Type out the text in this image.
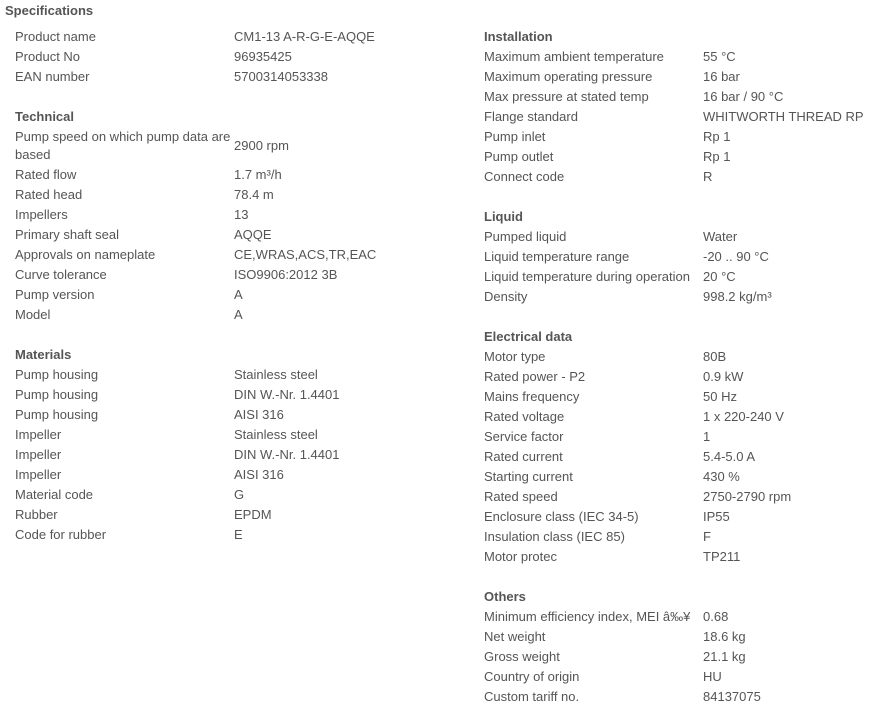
Specifications
Product name	CM1-13 A-R-G-E-AQQE
Product No	96935425
EAN number	5700314053338
Technical
Pump speed on which pump data are based	2900 rpm
Rated flow	1.7 m³/h
Rated head	78.4 m
Impellers	13
Primary shaft seal	AQQE
Approvals on nameplate	CE,WRAS,ACS,TR,EAC
Curve tolerance	ISO9906:2012 3B
Pump version	A
Model	A
Materials
Pump housing	Stainless steel
Pump housing	DIN W.-Nr. 1.4401
Pump housing	AISI 316
Impeller	Stainless steel
Impeller	DIN W.-Nr. 1.4401
Impeller	AISI 316
Material code	G
Rubber	EPDM
Code for rubber	E
Installation
Maximum ambient temperature	55 °C
Maximum operating pressure	16 bar
Max pressure at stated temp	16 bar / 90 °C
Flange standard	WHITWORTH THREAD RP
Pump inlet	Rp 1
Pump outlet	Rp 1
Connect code	R
Liquid
Pumped liquid	Water
Liquid temperature range	-20 .. 90 °C
Liquid temperature during operation	20 °C
Density	998.2 kg/m³
Electrical data
Motor type	80B
Rated power - P2	0.9 kW
Mains frequency	50 Hz
Rated voltage	1 x 220-240 V
Service factor	1
Rated current	5.4-5.0 A
Starting current	430 %
Rated speed	2750-2790 rpm
Enclosure class (IEC 34-5)	IP55
Insulation class (IEC 85)	F
Motor protec	TP211
Others
Minimum efficiency index, MEI â‰¥	0.68
Net weight	18.6 kg
Gross weight	21.1 kg
Country of origin	HU
Custom tariff no.	84137075
